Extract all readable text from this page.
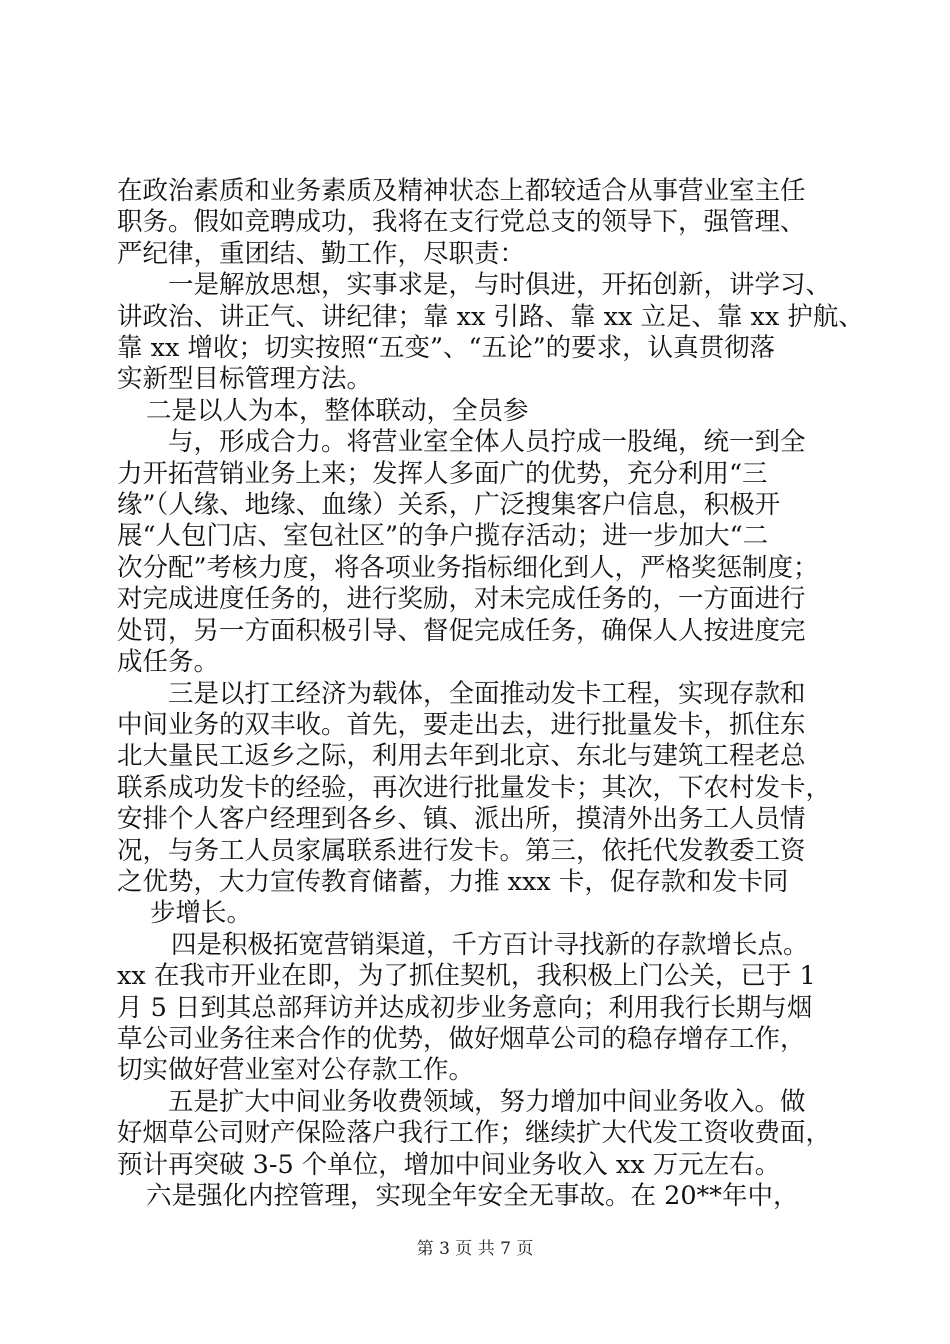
在政治素质和业务素质及精神状态上都较适合从事营业室主任

职务。假如竞聘成功，我将在支行党总支的领导下，强管理、

严纪律，重团结、勤工作，尽职责：

一是解放思想，实事求是，与时俱进，开拓创新，讲学习、

讲政治、讲正气、讲纪律；靠 xx 引路、靠 xx 立足、靠 xx 护航、

靠 xx 增收；切实按照“五变”、“五论”的要求，认真贯彻落

实新型目标管理方法。

二是以人为本，整体联动，全员参

与，形成合力。将营业室全体人员拧成一股绳，统一到全

力开拓营销业务上来；发挥人多面广的优势，充分利用“三

缘”（人缘、地缘、血缘）关系，广泛搜集客户信息，积极开

展“人包门店、室包社区”的争户揽存活动；进一步加大“二

次分配”考核力度，将各项业务指标细化到人，严格奖惩制度；

对完成进度任务的，进行奖励，对未完成任务的，一方面进行

处罚，另一方面积极引导、督促完成任务，确保人人按进度完

成任务。

三是以打工经济为载体，全面推动发卡工程，实现存款和

中间业务的双丰收。首先，要走出去，进行批量发卡，抓住东

北大量民工返乡之际，利用去年到北京、东北与建筑工程老总

联系成功发卡的经验，再次进行批量发卡；其次，下农村发卡，

安排个人客户经理到各乡、镇、派出所，摸清外出务工人员情

况，与务工人员家属联系进行发卡。第三，依托代发教委工资

之优势，大力宣传教育储蓄，力推 xxx 卡，促存款和发卡同

步增长。

四是积极拓宽营销渠道，千方百计寻找新的存款增长点。

xx 在我市开业在即，为了抓住契机，我积极上门公关，已于 1

月 5 日到其总部拜访并达成初步业务意向；利用我行长期与烟

草公司业务往来合作的优势，做好烟草公司的稳存增存工作，

切实做好营业室对公存款工作。

五是扩大中间业务收费领域，努力增加中间业务收入。做

好烟草公司财产保险落户我行工作；继续扩大代发工资收费面，

预计再突破 3-5 个单位，增加中间业务收入 xx 万元左右。

六是强化内控管理，实现全年安全无事故。在 20**年中，

第 3 页 共 7 页
